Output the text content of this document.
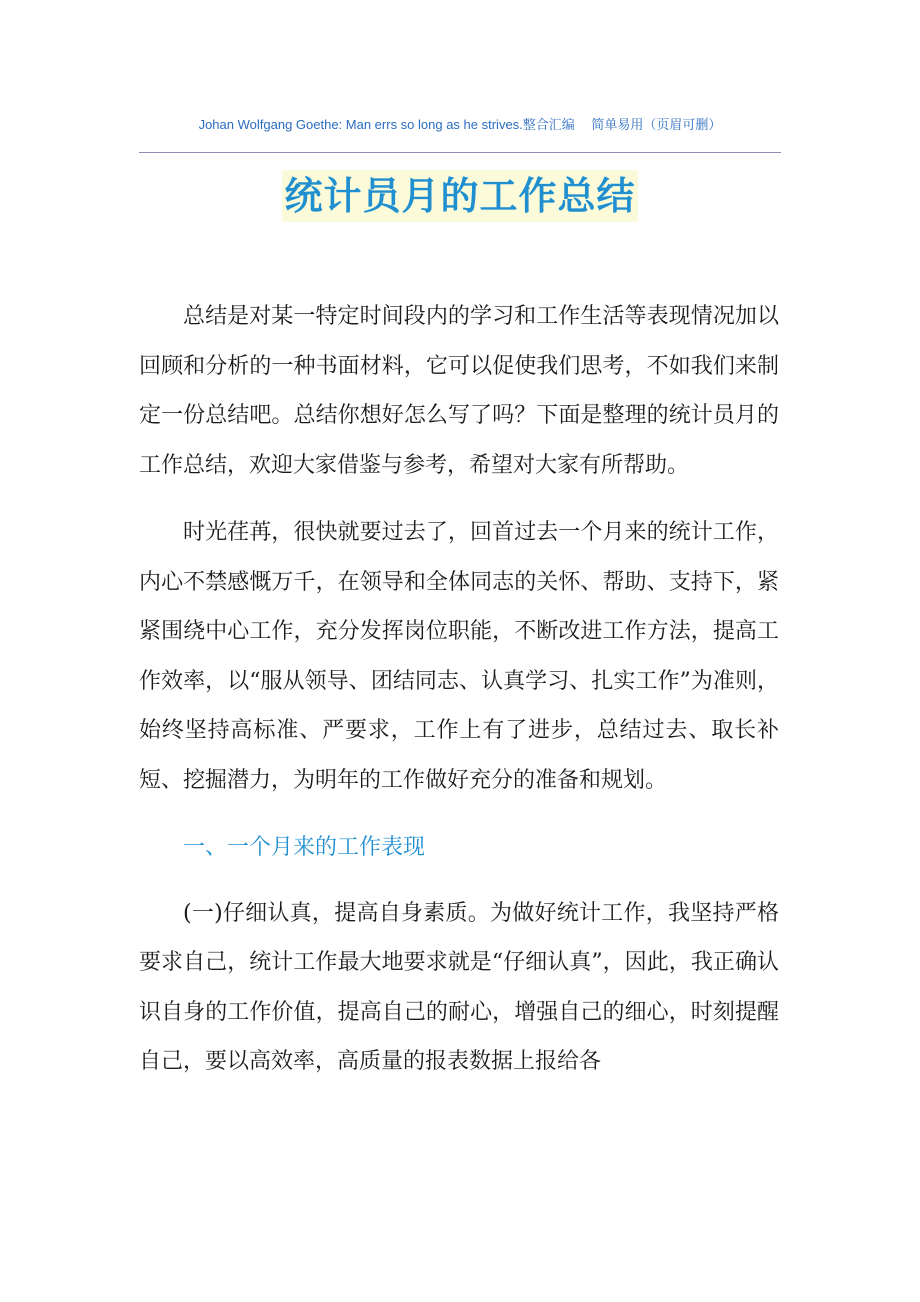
Johan Wolfgang Goethe: Man errs so long as he strives.整合汇编　 简单易用（页眉可删）
统计员月的工作总结

总结是对某一特定时间段内的学习和工作生活等表现情况加以回顾和分析的一种书面材料，它可以促使我们思考，不如我们来制定一份总结吧。总结你想好怎么写了吗？下面是整理的统计员月的工作总结，欢迎大家借鉴与参考，希望对大家有所帮助。

时光荏苒，很快就要过去了，回首过去一个月来的统计工作，内心不禁感慨万千，在领导和全体同志的关怀、帮助、支持下，紧紧围绕中心工作，充分发挥岗位职能，不断改进工作方法，提高工作效率，以“服从领导、团结同志、认真学习、扎实工作”为准则，始终坚持高标准、严要求，工作上有了进步，总结过去、取长补短、挖掘潜力，为明年的工作做好充分的准备和规划。

一、一个月来的工作表现

(一)仔细认真，提高自身素质。为做好统计工作，我坚持严格要求自己，统计工作最大地要求就是“仔细认真”，因此，我正确认识自身的工作价值，提高自己的耐心，增强自己的细心，时刻提醒自己，要以高效率，高质量的报表数据上报给各
